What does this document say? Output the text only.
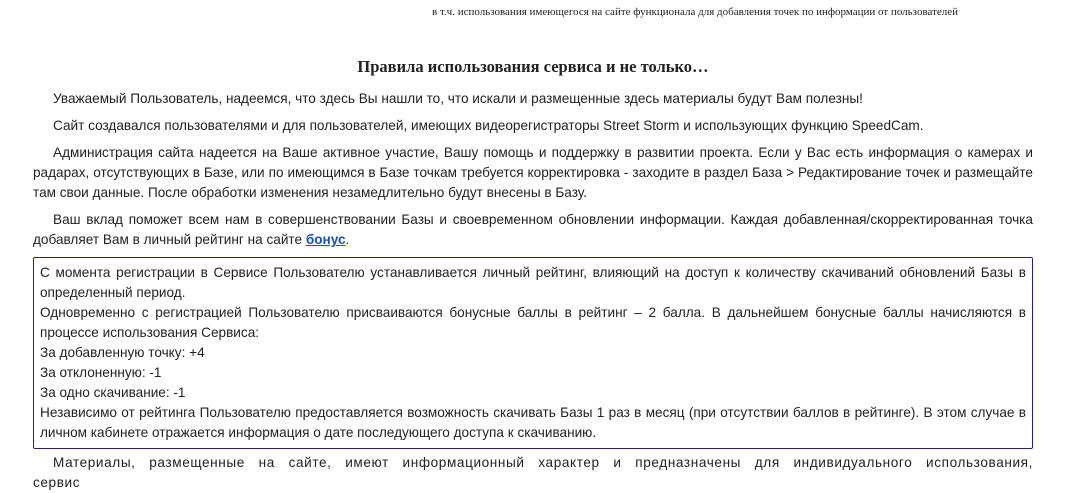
в т.ч. использования имеющегося на сайте функционала для добавления точек по информации от пользователей
Правила использования сервиса и не только…

Уважаемый Пользователь, надеемся, что здесь Вы нашли то, что искали и размещенные здесь материалы будут Вам полезны!

Сайт создавался пользователями и для пользователей, имеющих видеорегистраторы Street Storm и использующих функцию SpeedCam.

Администрация сайта надеется на Ваше активное участие, Вашу помощь и поддержку в развитии проекта. Если у Вас есть информация о камерах и радарах, отсутствующих в Базе, или по имеющимся в Базе точкам требуется корректировка - заходите в раздел База > Редактирование точек и размещайте там свои данные. После обработки изменения незамедлительно будут внесены в Базу.

Ваш вклад поможет всем нам в совершенствовании Базы и своевременном обновлении информации. Каждая добавленная/скорректированная точка добавляет Вам в личный рейтинг на сайте бонус.

С момента регистрации в Сервисе Пользователю устанавливается личный рейтинг, влияющий на доступ к количеству скачиваний обновлений Базы в определенный период.
Одновременно с регистрацией Пользователю присваиваются бонусные баллы в рейтинг – 2 балла. В дальнейшем бонусные баллы начисляются в процессе использования Сервиса:
За добавленную точку: +4
За отклоненную: -1
За одно скачивание: -1
Независимо от рейтинга Пользователю предоставляется возможность скачивать Базы 1 раз в месяц (при отсутствии баллов в рейтинге). В этом случае в личном кабинете отражается информация о дате последующего доступа к скачиванию.

Материалы, размещенные на сайте, имеют информационный характер и предназначены для индивидуального использования, сервис
